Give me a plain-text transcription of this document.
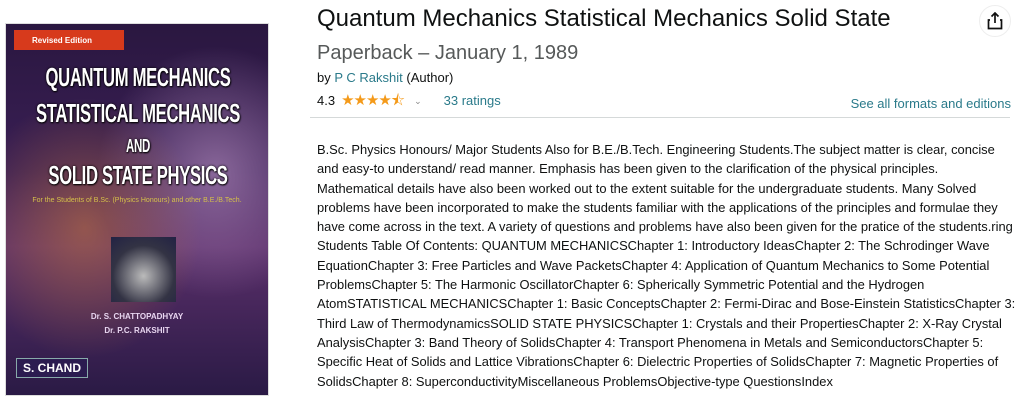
Revised Edition
QUANTUM MECHANICS
STATISTICAL MECHANICS
AND
SOLID STATE PHYSICS
For the Students of B.Sc. (Physics Honours) and other B.E./B.Tech.
Dr. S. CHATTOPADHYAY
Dr. P.C. RAKSHIT
S. CHAND
Quantum Mechanics Statistical Mechanics Solid State
Paperback – January 1, 1989
by P C Rakshit (Author)
4.3 ★★★★⯪ ⌄ 33 ratings	See all formats and editions
B.Sc. Physics Honours/ Major Students Also for B.E./B.Tech. Engineering Students.The subject matter is clear, concise and easy-to understand/ read manner. Emphasis has been given to the clarification of the physical principles. Mathematical details have also been worked out to the extent suitable for the undergraduate students. Many Solved problems have been incorporated to make the students familiar with the applications of the principles and formulae they have come across in the text. A variety of questions and problems have also been given for the pratice of the students.ring Students Table Of Contents: QUANTUM MECHANICSChapter 1: Introductory IdeasChapter 2: The Schrodinger Wave EquationChapter 3: Free Particles and Wave PacketsChapter 4: Application of Quantum Mechanics to Some Potential ProblemsChapter 5: The Harmonic OscillatorChapter 6: Spherically Symmetric Potential and the Hydrogen AtomSTATISTICAL MECHANICSChapter 1: Basic ConceptsChapter 2: Fermi-Dirac and Bose-Einstein StatisticsChapter 3: Third Law of ThermodynamicsSOLID STATE PHYSICSChapter 1: Crystals and their PropertiesChapter 2: X-Ray Crystal AnalysisChapter 3: Band Theory of SolidsChapter 4: Transport Phenomena in Metals and SemiconductorsChapter 5: Specific Heat of Solids and Lattice VibrationsChapter 6: Dielectric Properties of SolidsChapter 7: Magnetic Properties of SolidsChapter 8: SuperconductivityMiscellaneous ProblemsObjective-type QuestionsIndex
